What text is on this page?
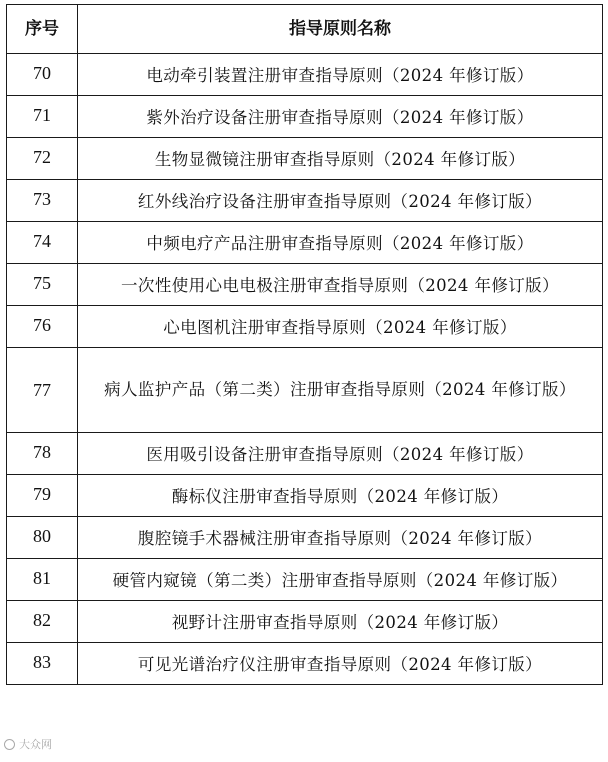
序号	指导原则名称
70	电动牵引装置注册审查指导原则（2024 年修订版）
71	紫外治疗设备注册审查指导原则（2024 年修订版）
72	生物显微镜注册审查指导原则（2024 年修订版）
73	红外线治疗设备注册审查指导原则（2024 年修订版）
74	中频电疗产品注册审查指导原则（2024 年修订版）
75	一次性使用心电电极注册审查指导原则（2024 年修订版）
76	心电图机注册审查指导原则（2024 年修订版）
77	病人监护产品（第二类）注册审查指导原则（2024 年修订版）
78	医用吸引设备注册审查指导原则（2024 年修订版）
79	酶标仪注册审查指导原则（2024 年修订版）
80	腹腔镜手术器械注册审查指导原则（2024 年修订版）
81	硬管内窥镜（第二类）注册审查指导原则（2024 年修订版）
82	视野计注册审查指导原则（2024 年修订版）
83	可见光谱治疗仪注册审查指导原则（2024 年修订版）
大众网
